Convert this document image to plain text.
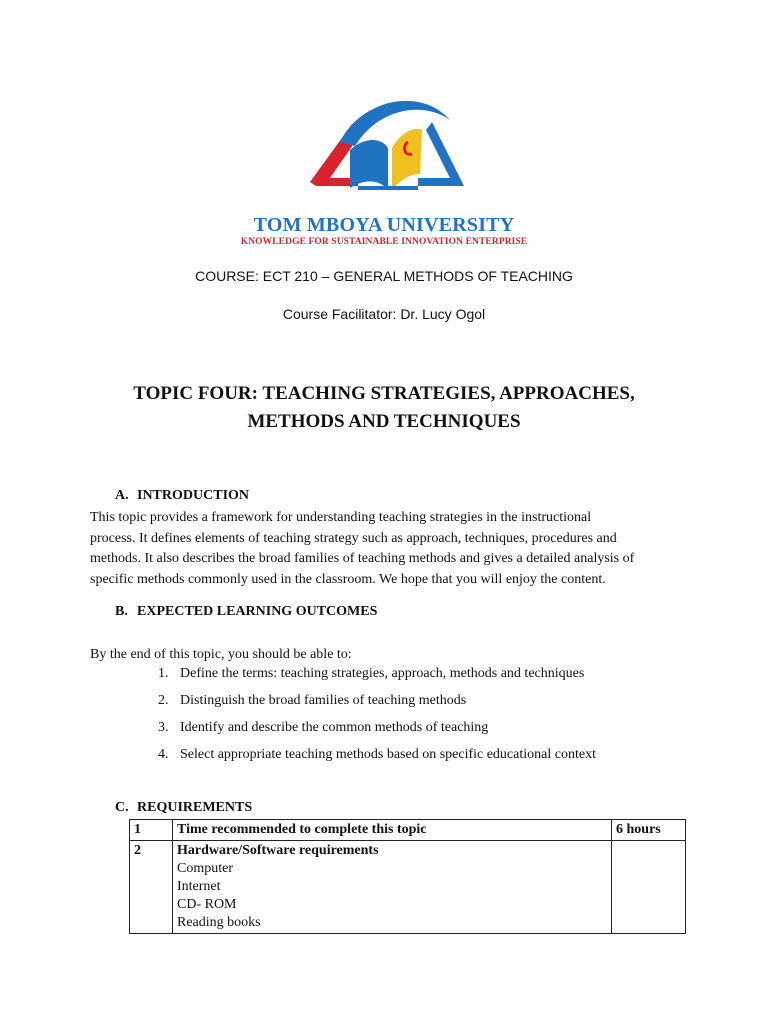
TOM MBOYA UNIVERSITY
KNOWLEDGE FOR SUSTAINABLE INNOVATION ENTERPRISE
COURSE: ECT 210 – GENERAL METHODS OF TEACHING
Course Facilitator: Dr. Lucy Ogol
TOPIC FOUR: TEACHING STRATEGIES, APPROACHES,
METHODS AND TECHNIQUES
A. INTRODUCTION
This topic provides a framework for understanding teaching strategies in the instructional
process. It defines elements of teaching strategy such as approach, techniques, procedures and
methods. It also describes the broad families of teaching methods and gives a detailed analysis of
specific methods commonly used in the classroom. We hope that you will enjoy the content.
B. EXPECTED LEARNING OUTCOMES
By the end of this topic, you should be able to:
1. Define the terms: teaching strategies, approach, methods and techniques
2. Distinguish the broad families of teaching methods
3. Identify and describe the common methods of teaching
4. Select appropriate teaching methods based on specific educational context
C. REQUIREMENTS
1	Time recommended to complete this topic	6 hours
2	Hardware/Software requirements
Computer
Internet
CD- ROM
Reading books	
